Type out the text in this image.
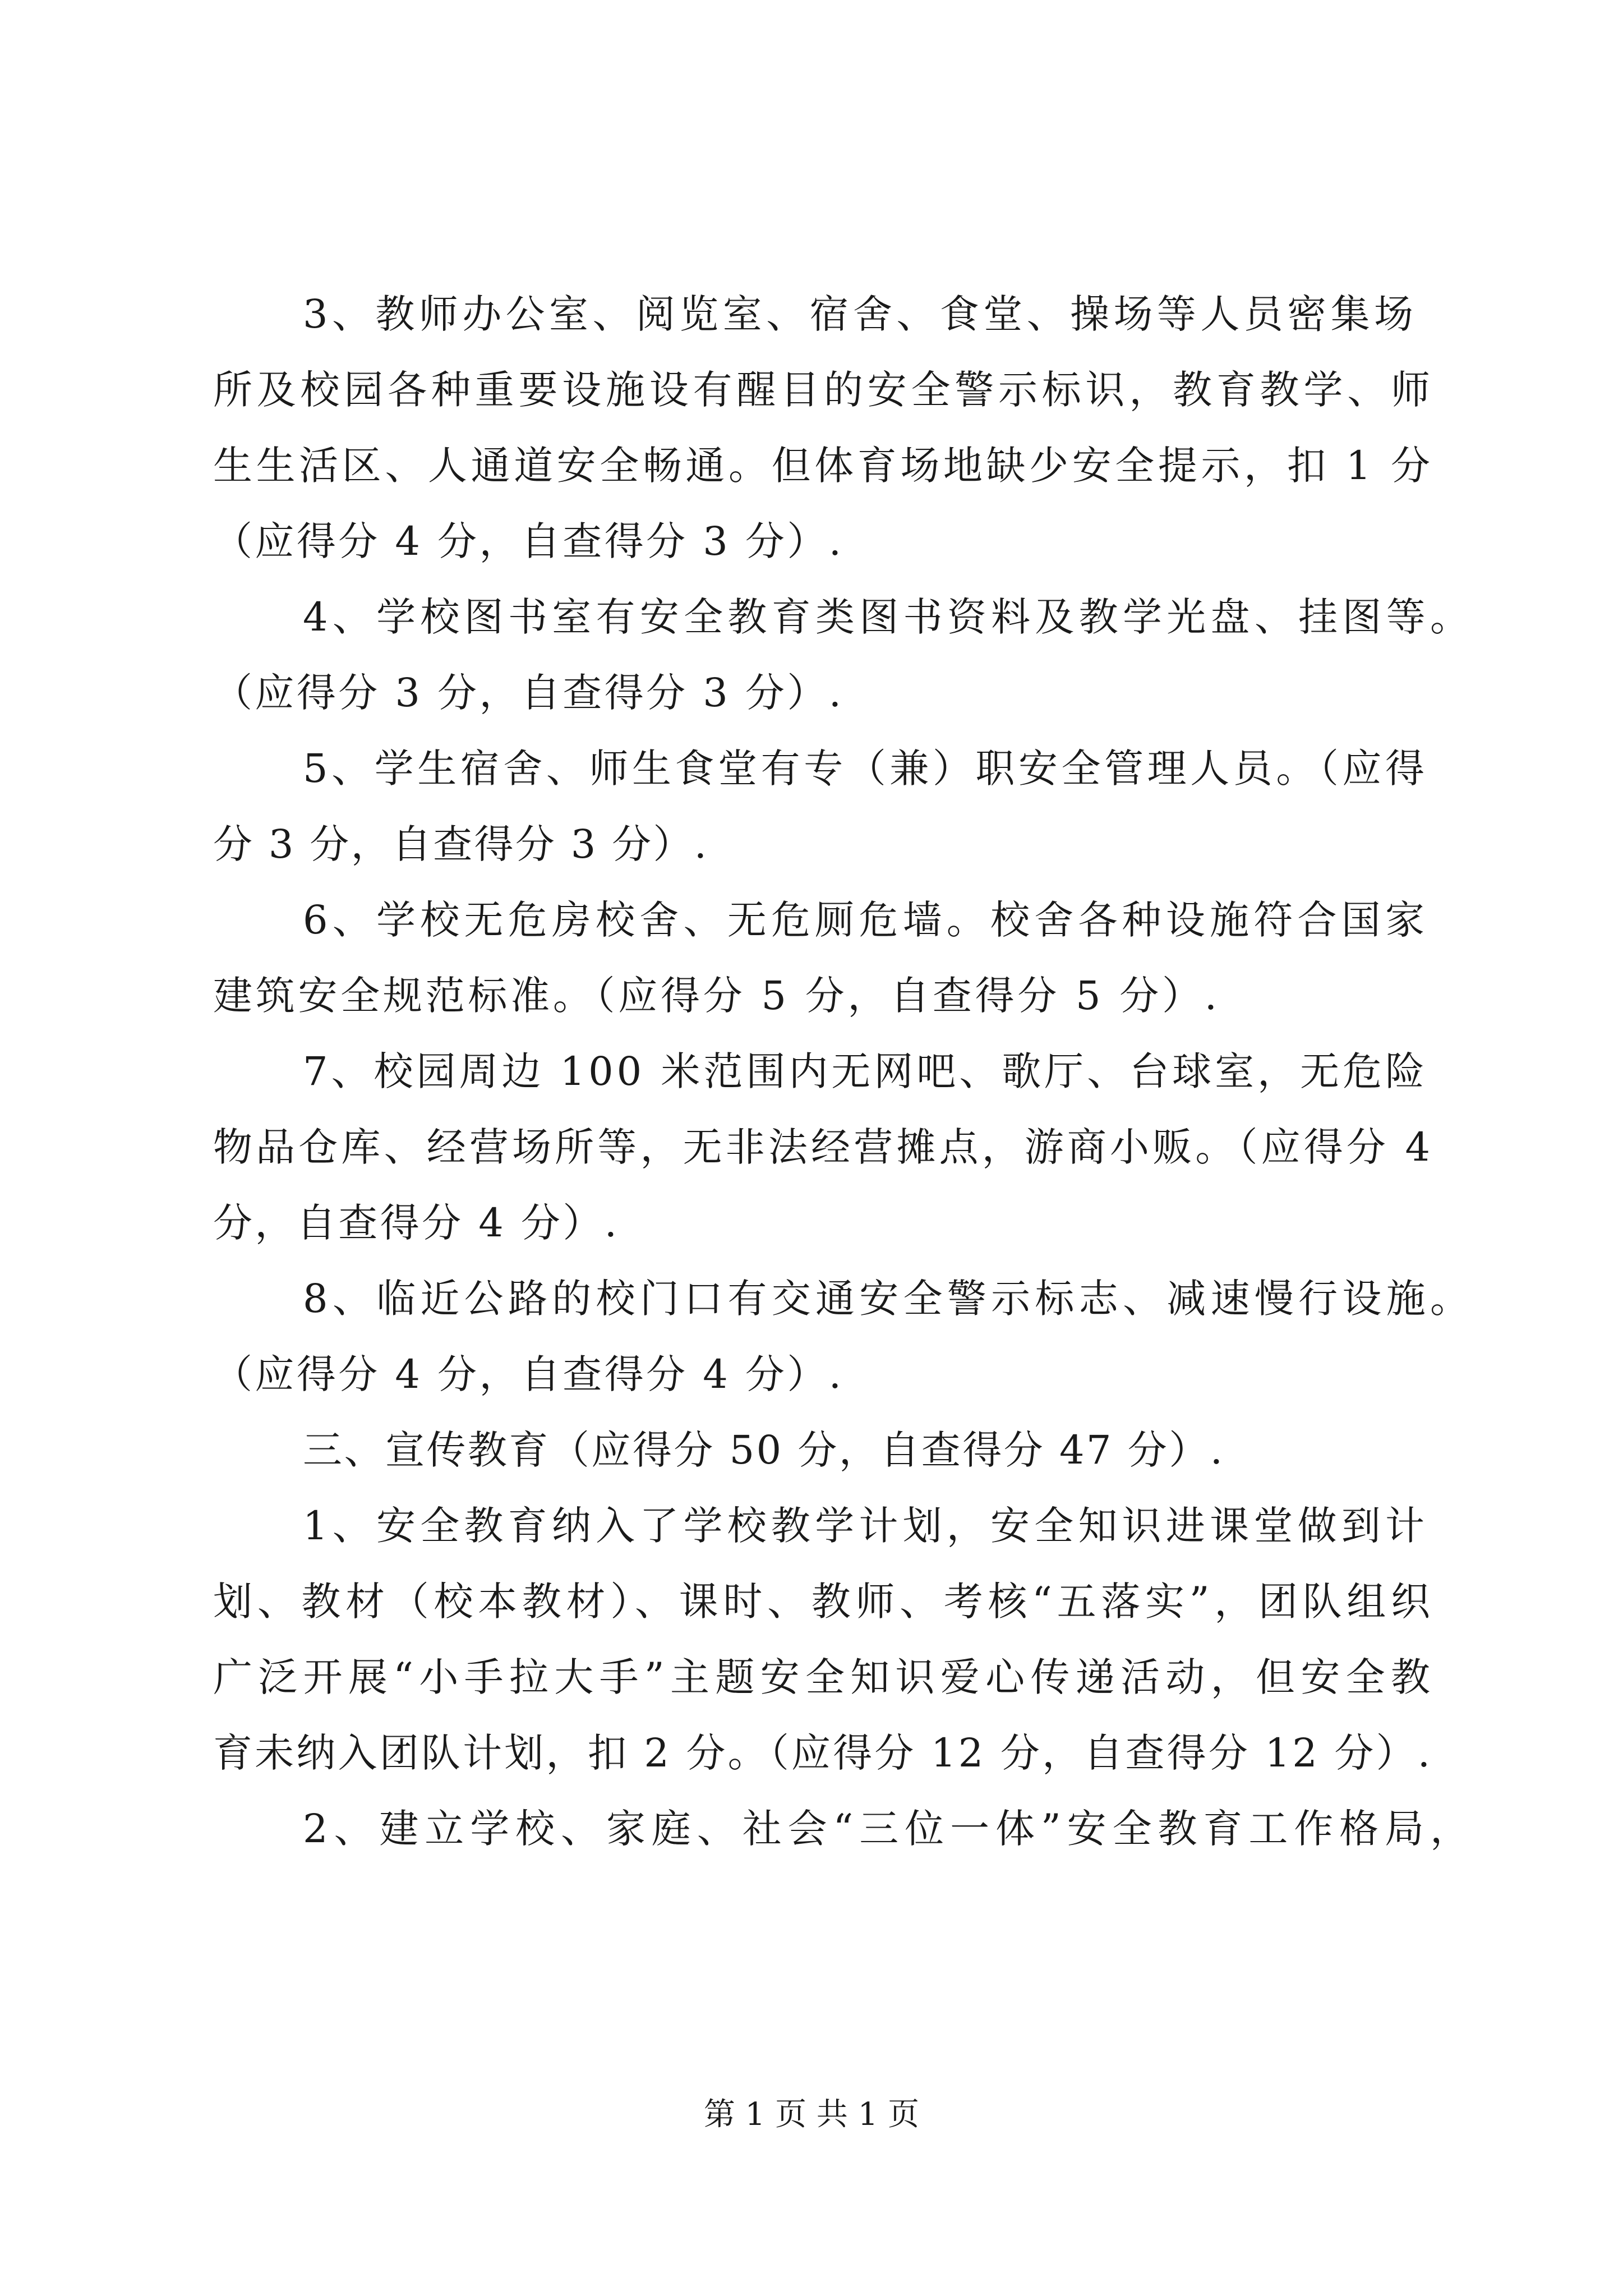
3、教师办公室、阅览室、宿舍、食堂、操场等人员密集场
所及校园各种重要设施设有醒目的安全警示标识，教育教学、师
生生活区、人通道安全畅通。但体育场地缺少安全提示，扣 1 分
（应得分 4 分，自查得分 3 分）.
4、学校图书室有安全教育类图书资料及教学光盘、挂图等。
（应得分 3 分，自查得分 3 分）.
5、学生宿舍、师生食堂有专（兼）职安全管理人员。（应得
分 3 分，自查得分 3 分）.
6、学校无危房校舍、无危厕危墙。校舍各种设施符合国家
建筑安全规范标准。（应得分 5 分，自查得分 5 分）.
7、校园周边 100 米范围内无网吧、歌厅、台球室，无危险
物品仓库、经营场所等，无非法经营摊点，游商小贩。（应得分 4
分，自查得分 4 分）.
8、临近公路的校门口有交通安全警示标志、减速慢行设施。
（应得分 4 分，自查得分 4 分）.
三、宣传教育（应得分 50 分，自查得分 47 分）.
1、安全教育纳入了学校教学计划，安全知识进课堂做到计
划、教材（校本教材）、课时、教师、考核“五落实”，团队组织
广泛开展“小手拉大手”主题安全知识爱心传递活动，但安全教
育未纳入团队计划，扣 2 分。（应得分 12 分，自查得分 12 分）.
2、建立学校、家庭、社会“三位一体”安全教育工作格局，
第 1 页 共 1 页
